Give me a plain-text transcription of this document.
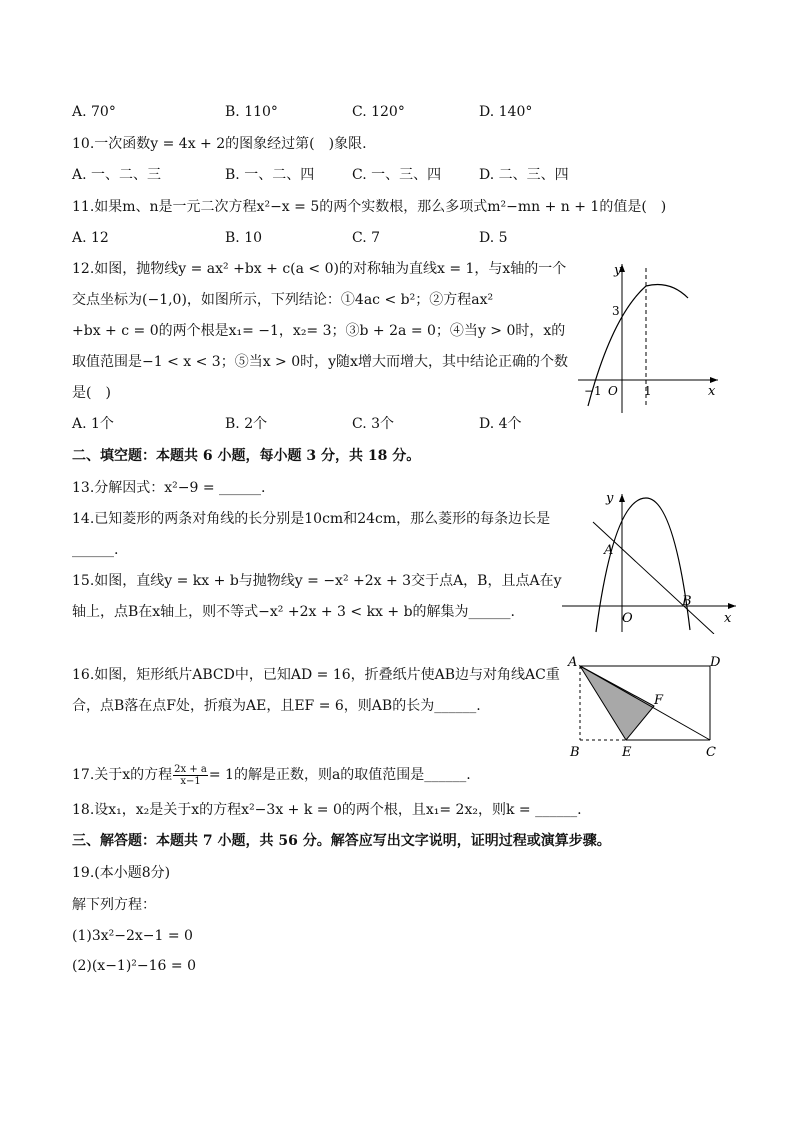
A. 70°	B. 110°	C. 120°	D. 140°
10.一次函数y = 4x + 2的图象经过第(　)象限.
A. 一、二、三	B. 一、二、四	C. 一、三、四	D. 二、三、四
11.如果m、n是一元二次方程x²−x = 5的两个实数根，那么多项式m²−mn + n + 1的值是(　)
A. 12	B. 10	C. 7	D. 5
12.如图，抛物线y = ax² +bx + c(a < 0)的对称轴为直线x = 1，与x轴的一个
交点坐标为(−1,0)，如图所示，下列结论：①4ac < b²；②方程ax²
+bx + c = 0的两个根是x₁= −1，x₂= 3；③b + 2a = 0；④当y > 0时，x的
取值范围是−1 < x < 3；⑤当x > 0时，y随x增大而增大，其中结论正确的个数
是(　)
A. 1个	B. 2个	C. 3个	D. 4个
y
x
3
−1 O 1
二、填空题：本题共 6 小题，每小题 3 分，共 18 分。
13.分解因式：x²−9 = ______.
14.已知菱形的两条对角线的长分别是10cm和24cm，那么菱形的每条边长是
______.
15.如图，直线y = kx + b与抛物线y = −x² +2x + 3交于点A，B，且点A在y
轴上，点B在x轴上，则不等式−x² +2x + 3 < kx + b的解集为______.
y
x
A
B
O
16.如图，矩形纸片ABCD中，已知AD = 16，折叠纸片使AB边与对角线AC重
合，点B落在点F处，折痕为AE，且EF = 6，则AB的长为______.
A	D
B	E	C
F
17.关于x的方程 $\frac{2x + a}{x-1} = 1$的解是正数，则a的取值范围是______.
18.设x₁，x₂是关于x的方程x²−3x + k = 0的两个根，且x₁= 2x₂，则k = ______.
三、解答题：本题共 7 小题，共 56 分。解答应写出文字说明，证明过程或演算步骤。
19.(本小题8分)
解下列方程：
(1)3x²−2x−1 = 0
(2)(x−1)²−16 = 0
